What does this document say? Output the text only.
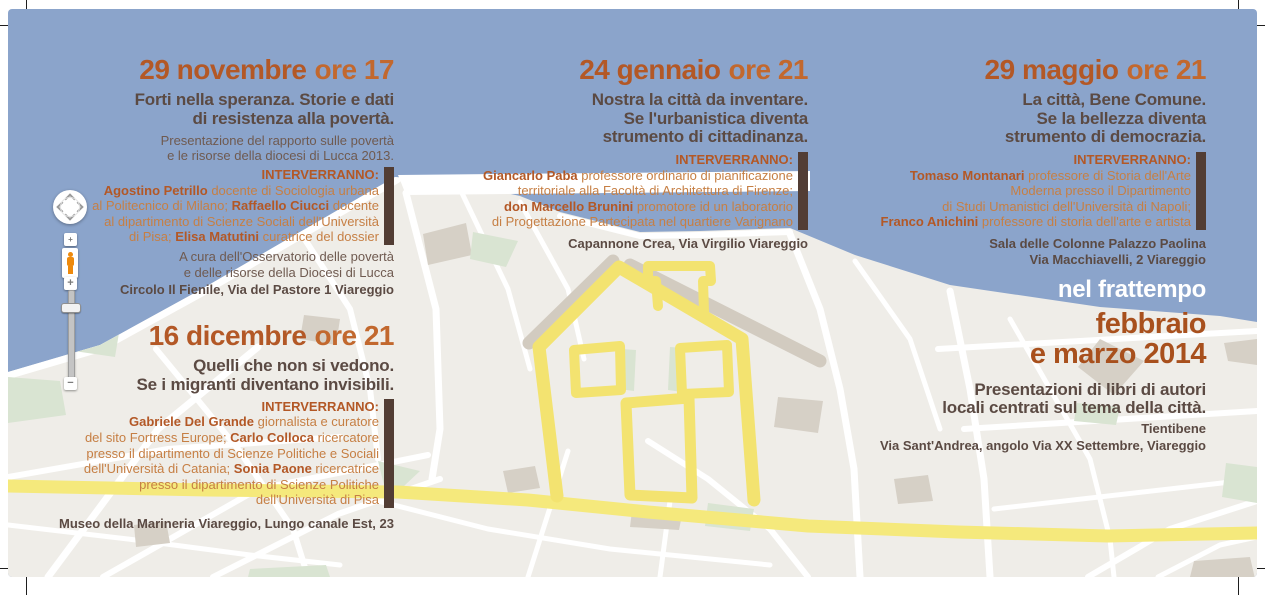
+
+
−
29 novembre ore 17
Forti nella speranza. Storie e dati
di resistenza alla povertà.
Presentazione del rapporto sulle povertà
e le risorse della diocesi di Lucca 2013.
INTERVERRANNO:
Agostino Petrillo docente di Sociologia urbana
al Politecnico di Milano; Raffaello Ciucci docente
al dipartimento di Scienze Sociali dell'Università
di Pisa; Elisa Matutini curatrice del dossier
A cura dell'Osservatorio delle povertà
e delle risorse della Diocesi di Lucca
Circolo Il Fienile, Via del Pastore 1 Viareggio
16 dicembre ore 21
Quelli che non si vedono.
Se i migranti diventano invisibili.
INTERVERRANNO:
Gabriele Del Grande giornalista e curatore
del sito Fortress Europe; Carlo Colloca ricercatore
presso il dipartimento di Scienze Politiche e Sociali
dell'Università di Catania; Sonia Paone ricercatrice
presso il dipartimento di Scienze Politiche
dell'Università di Pisa
Museo della Marineria Viareggio, Lungo canale Est, 23
24 gennaio ore 21
Nostra la città da inventare.
Se l'urbanistica diventa
strumento di cittadinanza.
INTERVERRANNO:
Giancarlo Paba professore ordinario di pianificazione
territoriale alla Facoltà di Architettura di Firenze;
don Marcello Brunini promotore id un laboratorio
di Progettazione Partecipata nel quartiere Varignano
Capannone Crea, Via Virgilio Viareggio
29 maggio ore 21
La città, Bene Comune.
Se la bellezza diventa
strumento di democrazia.
INTERVERRANNO:
Tomaso Montanari professore di Storia dell'Arte
Moderna presso il Dipartimento
di Studi Umanistici dell'Università di Napoli;
Franco Anichini professore di storia dell'arte e artista
Sala delle Colonne Palazzo Paolina
Via Macchiavelli, 2 Viareggio
nel frattempo
febbraio
e marzo 2014
Presentazioni di libri di autori
locali centrati sul tema della città.
Tientibene
Via Sant'Andrea, angolo Via XX Settembre, Viareggio
